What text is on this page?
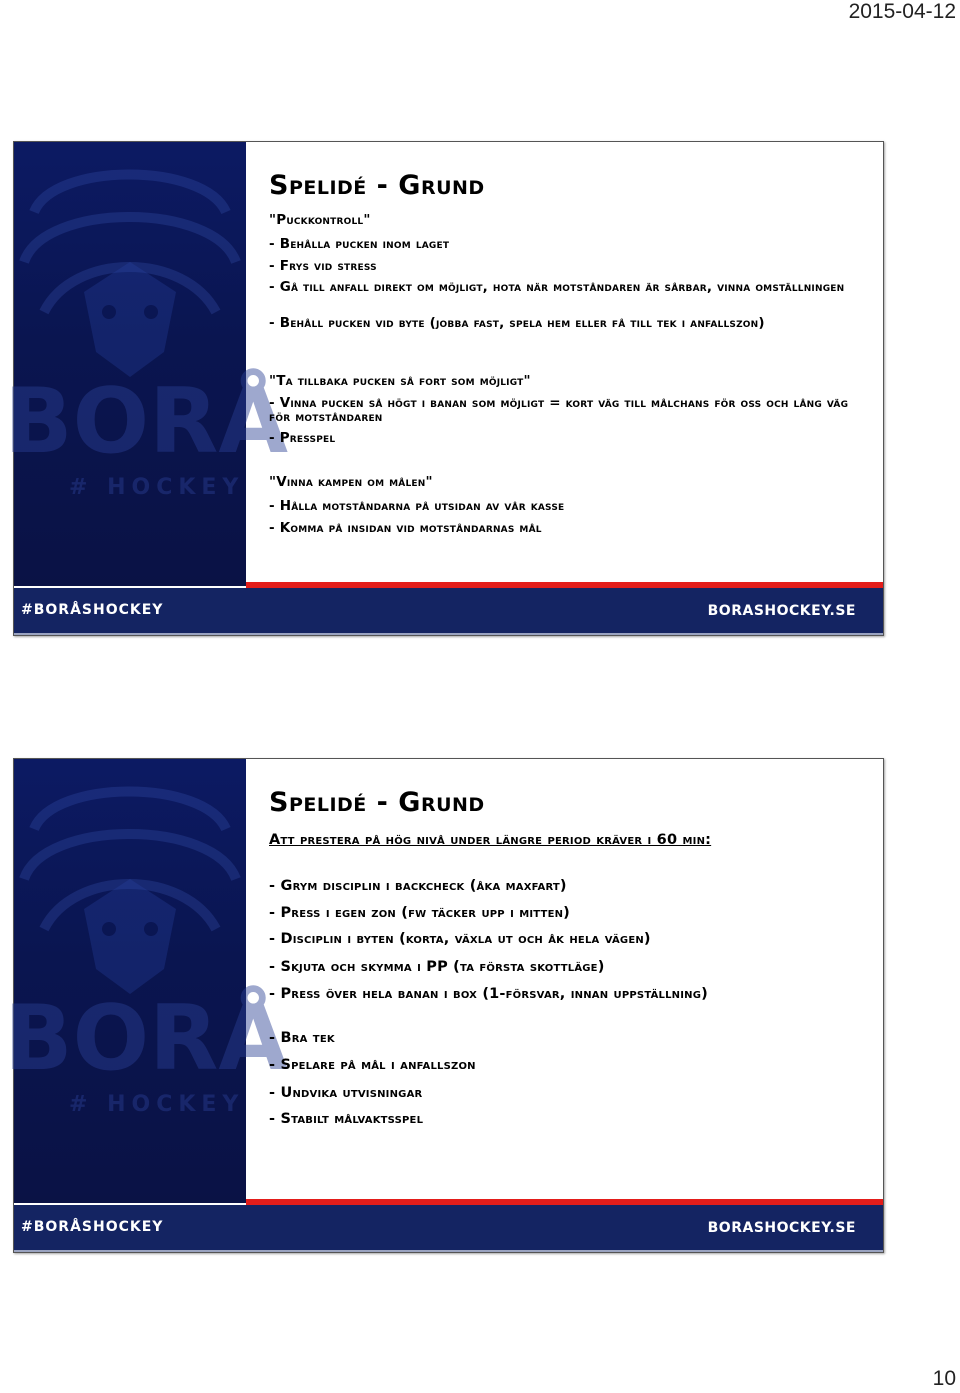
2015-04-12
BORÅ
# HOCKEY
Spelidé - Grund
"Puckkontroll"
- Behålla pucken inom laget
- Frys vid stress
- Gå till anfall direkt om möjligt, hota när motståndaren är sårbar, vinna omställningen
- Behåll pucken vid byte (jobba fast, spela hem eller få till tek i anfallszon)
"Ta tillbaka pucken så fort som möjligt"
- Vinna pucken så högt i banan som möjligt = kort väg till målchans för oss och lång väg för motståndaren
- Presspel
"Vinna kampen om målen"
- Hålla motståndarna på utsidan av vår kasse
- Komma på insidan vid motståndarnas mål
#BORÅSHOCKEY	BORASHOCKEY.SE
BORÅ
# HOCKEY
Spelidé - Grund
Att prestera på hög nivå under längre period kräver i 60 min:
- Grym disciplin i backcheck (åka maxfart)
- Press i egen zon (fw täcker upp i mitten)
- Disciplin i byten (korta, växla ut och åk hela vägen)
- Skjuta och skymma i PP (ta första skottläge)
- Press över hela banan i box (1-försvar, innan uppställning)
- Bra tek
- Spelare på mål i anfallszon
- Undvika utvisningar
- Stabilt målvaktsspel
#BORÅSHOCKEY	BORASHOCKEY.SE
10
